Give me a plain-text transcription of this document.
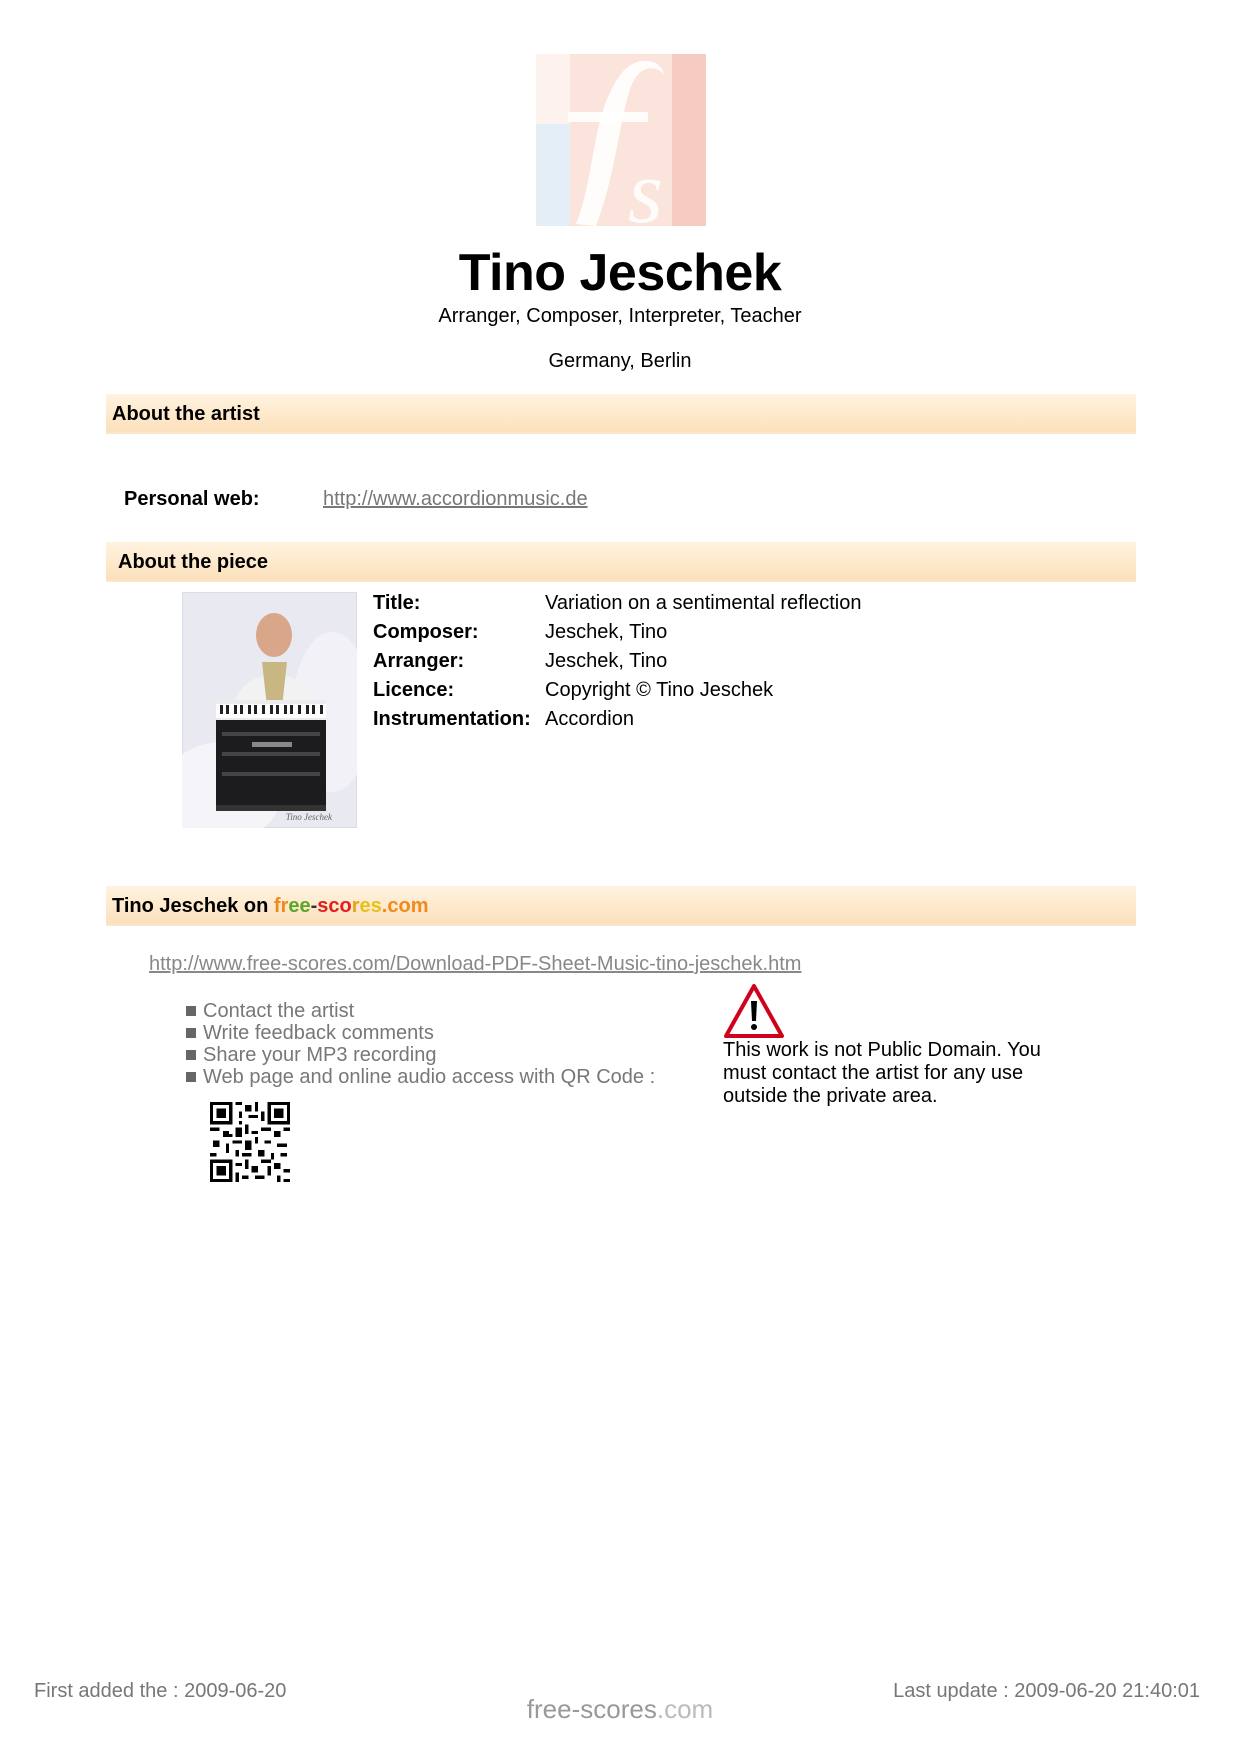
s
Tino Jeschek
Arranger, Composer, Interpreter, Teacher
Germany, Berlin
About the artist
Personal web:	http://www.accordionmusic.de
About the piece
Tino Jeschek
Title:	Variation on a sentimental reflection
Composer:	Jeschek, Tino
Arranger:	Jeschek, Tino
Licence:	Copyright © Tino Jeschek
Instrumentation: Accordion
Tino Jeschek on free-scores.com
http://www.free-scores.com/Download-PDF-Sheet-Music-tino-jeschek.htm
Contact the artist
Write feedback comments
Share your MP3 recording
Web page and online audio access with QR Code :
This work is not Public Domain. You must contact the artist for any use outside the private area.
First added the : 2009-06-20
free-scores.com
Last update : 2009-06-20 21:40:01
